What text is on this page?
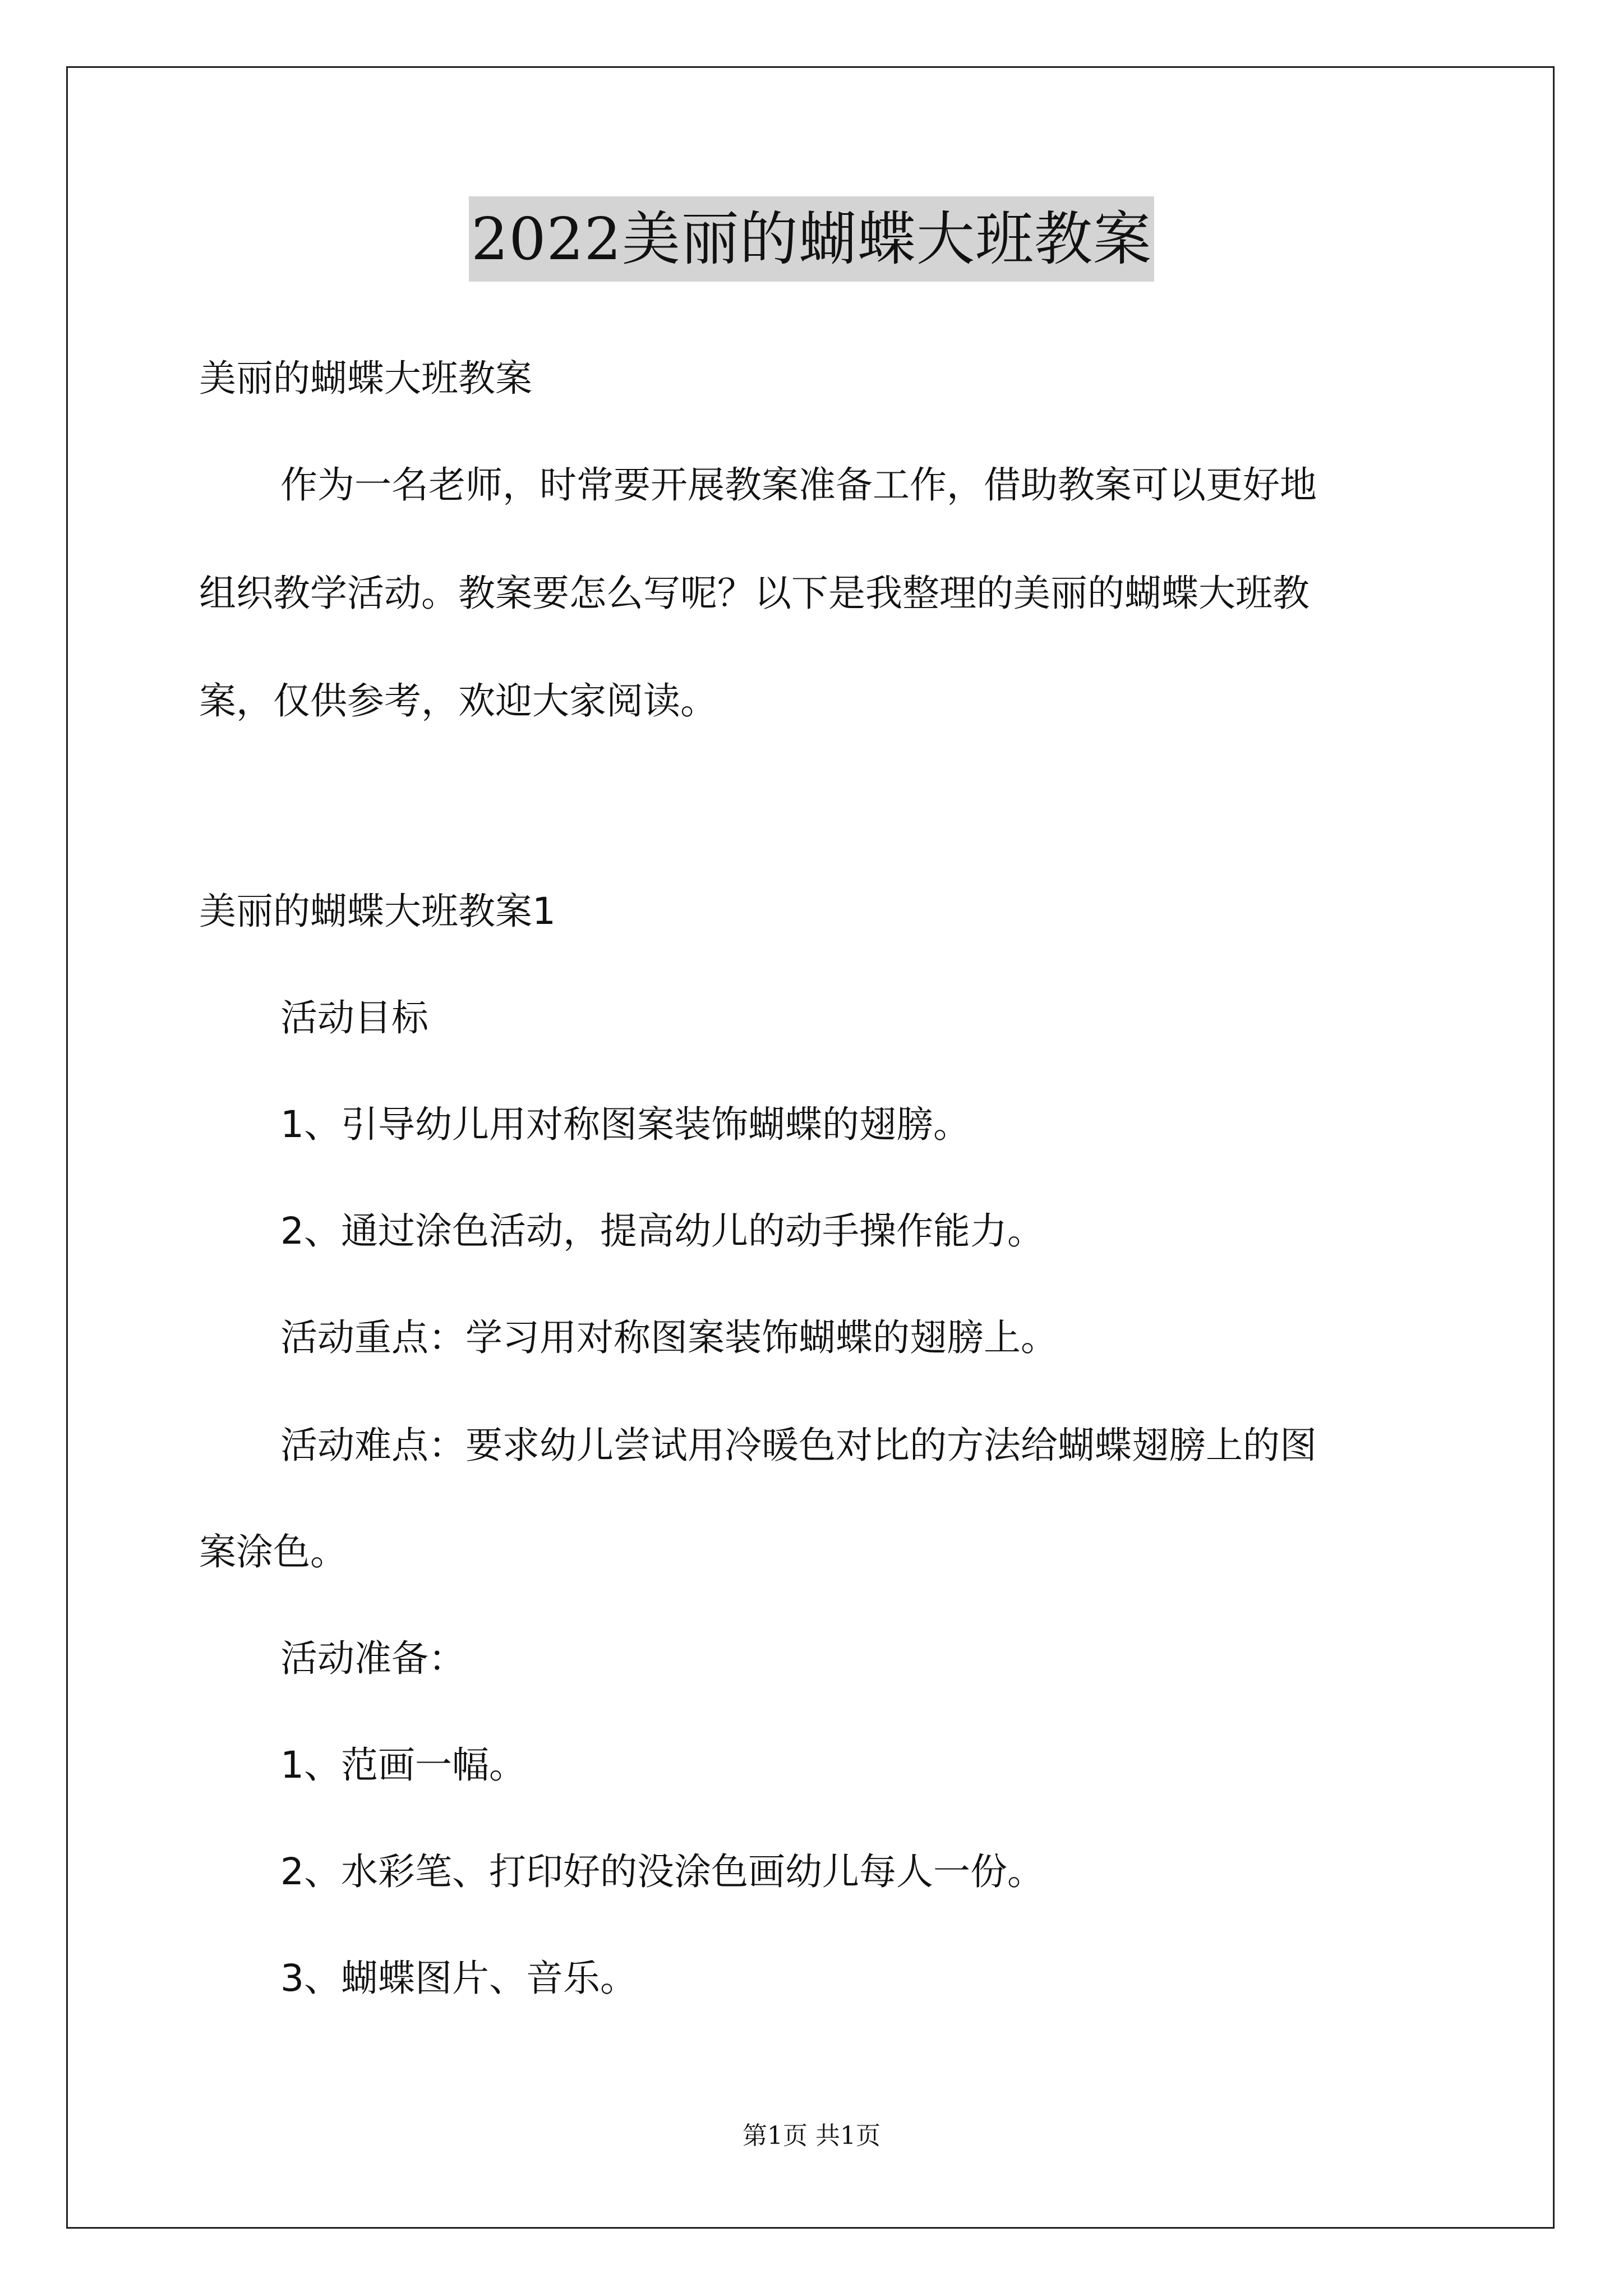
2022美丽的蝴蝶大班教案
美丽的蝴蝶大班教案
作为一名老师，时常要开展教案准备工作，借助教案可以更好地
组织教学活动。教案要怎么写呢？以下是我整理的美丽的蝴蝶大班教
案，仅供参考，欢迎大家阅读。
美丽的蝴蝶大班教案1
活动目标
1、引导幼儿用对称图案装饰蝴蝶的翅膀。
2、通过涂色活动，提高幼儿的动手操作能力。
活动重点：学习用对称图案装饰蝴蝶的翅膀上。
活动难点：要求幼儿尝试用冷暖色对比的方法给蝴蝶翅膀上的图
案涂色。
活动准备：
1、范画一幅。
2、水彩笔、打印好的没涂色画幼儿每人一份。
3、蝴蝶图片、音乐。
第1页 共1页
